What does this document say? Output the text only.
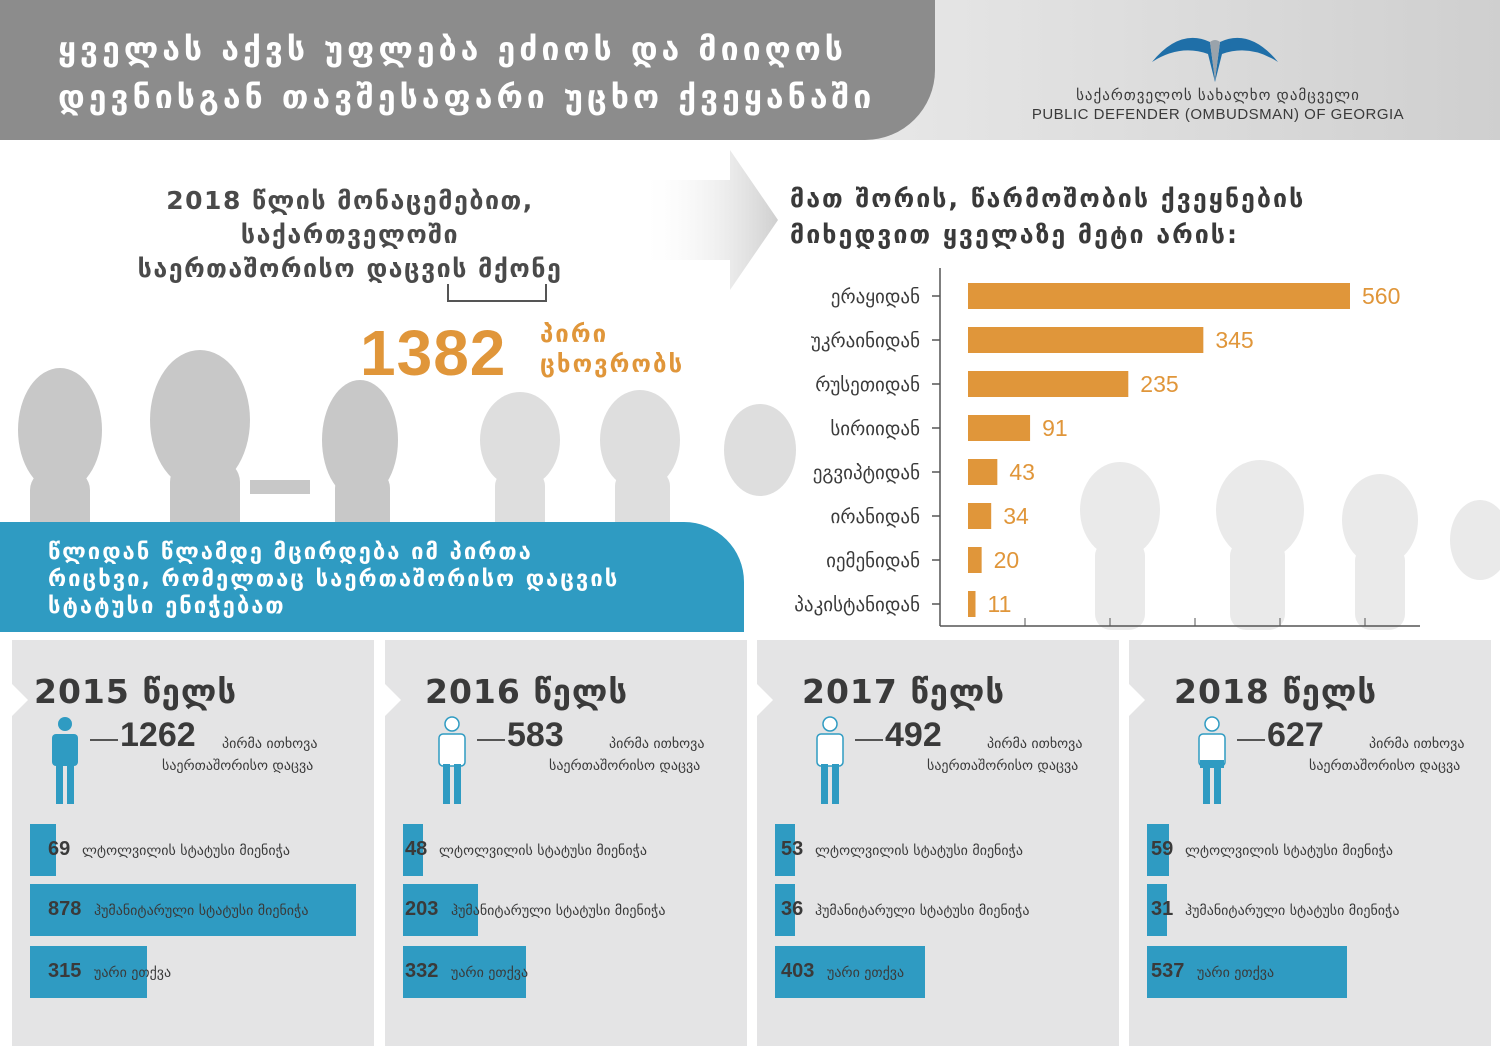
ყველას აქვს უფლება ეძიოს და მიიღოს
დევნისგან თავშესაფარი უცხო ქვეყანაში	საქართველოს სახალხო დამცველი
PUBLIC DEFENDER (OMBUDSMAN) OF GEORGIA
2018 წლის მონაცემებით,
საქართველოში
საერთაშორისო დაცვის მქონე
1382 პირი
ცხოვრობს
წლიდან წლამდე მცირდება იმ პირთა
რიცხვი, რომელთაც საერთაშორისო დაცვის
სტატუსი ენიჭებათ
მათ შორის, წარმოშობის ქვეყნების
მიხედვით ყველაზე მეტი არის:
ერაყიდან	560
უკრაინიდან	345
რუსეთიდან	235
სირიიდან	91
ეგვიპტიდან	43
ირანიდან	34
იემენიდან	20
პაკისტანიდან	11
2015 წელს
1262 პირმა ითხოვა
საერთაშორისო დაცვა
69 ლტოლვილის სტატუსი მიენიჭა
878 ჰუმანიტარული სტატუსი მიენიჭა
315 უარი ეთქვა
2016 წელს
583	პირმა ითხოვა
საერთაშორისო დაცვა
48 ლტოლვილის სტატუსი მიენიჭა
203 ჰუმანიტარული სტატუსი მიენიჭა
332 უარი ეთქვა
2017 წელს
492	პირმა ითხოვა
საერთაშორისო დაცვა
53 ლტოლვილის სტატუსი მიენიჭა
36 ჰუმანიტარული სტატუსი მიენიჭა
403 უარი ეთქვა
2018 წელს
627	პირმა ითხოვა
საერთაშორისო დაცვა
59 ლტოლვილის სტატუსი მიენიჭა
31 ჰუმანიტარული სტატუსი მიენიჭა
537 უარი ეთქვა
